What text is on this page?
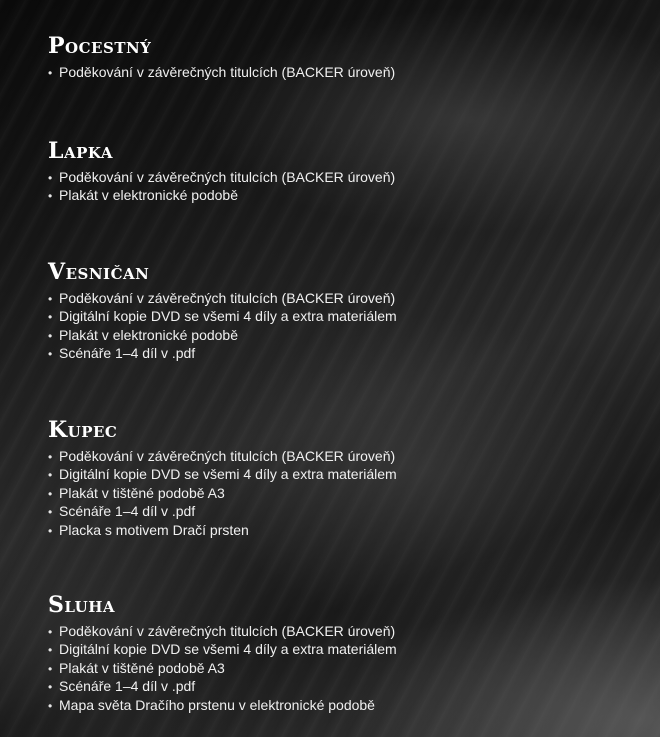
Pocestný
• Poděkování v závěrečných titulcích (BACKER úroveň)
Lapka
• Poděkování v závěrečných titulcích (BACKER úroveň)
• Plakát v elektronické podobě
Vesničan
• Poděkování v závěrečných titulcích (BACKER úroveň)
• Digitální kopie DVD se všemi 4 díly a extra materiálem
• Plakát v elektronické podobě
• Scénáře 1–4 díl v .pdf
Kupec
• Poděkování v závěrečných titulcích (BACKER úroveň)
• Digitální kopie DVD se všemi 4 díly a extra materiálem
• Plakát v tištěné podobě A3
• Scénáře 1–4 díl v .pdf
• Placka s motivem Dračí prsten
Sluha
• Poděkování v závěrečných titulcích (BACKER úroveň)
• Digitální kopie DVD se všemi 4 díly a extra materiálem
• Plakát v tištěné podobě A3
• Scénáře 1–4 díl v .pdf
• Mapa světa Dračího prstenu v elektronické podobě
